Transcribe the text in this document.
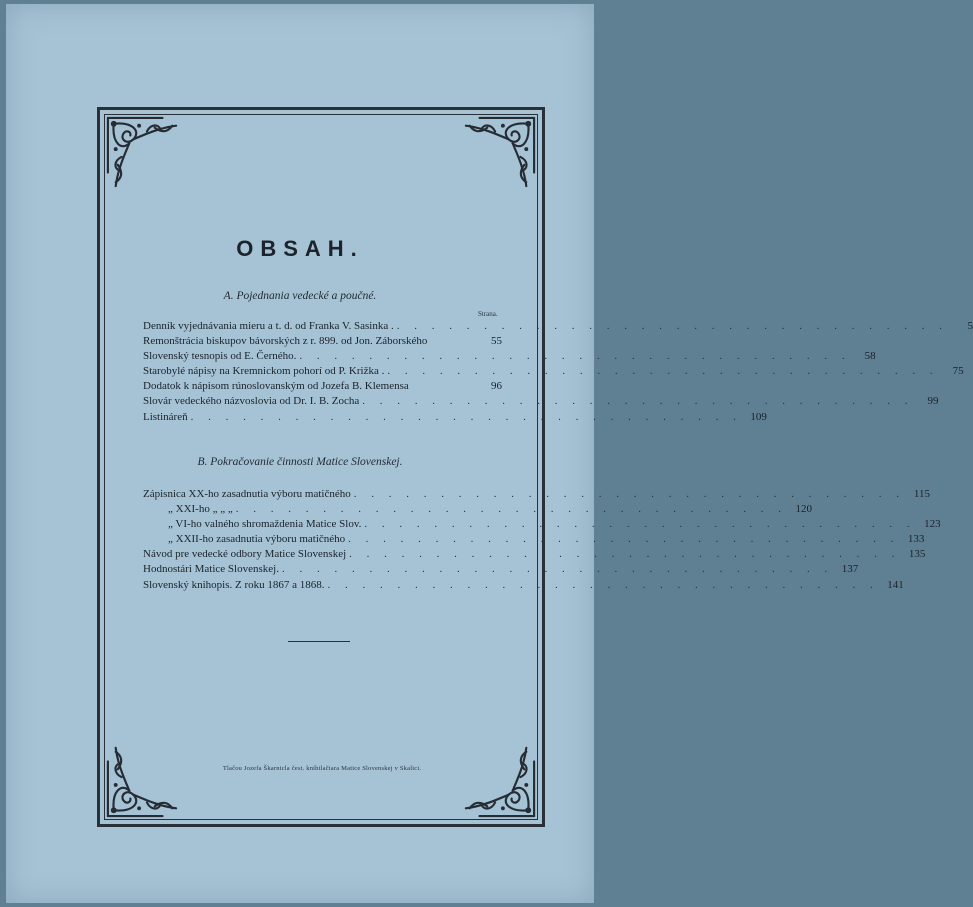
OBSAH.
A. Pojednania vedecké a poučné.
Strana.
Denník vyjednávania mieru a t. d. od Franka V. Sasinka . . . .	5
Remonštrácia biskupov bávorských z r. 899. od Jon. Záborského	55
Slovenský tesnopis od E. Černého. . . .	58
Starobylé nápisy na Kremnickom pohorí od P. Križka . . . .	75
Dodatok k nápisom rúnoslovanským od Jozefa B. Klemensa	96
Slovár vedeckého názvoslovia od Dr. I. B. Zocha . . .	99
Listináreň . . .	109
B. Pokračovanie činnosti Matice Slovenskej.
Zápisnica XX-ho zasadnutia výboru matičného . . .	115
„ XXI-ho „ „ „ . . .	120
„ VI-ho valného shromaždenia Matice Slov. . . .	123
„ XXII-ho zasadnutia výboru matičného . . .	133
Návod pre vedecké odbory Matice Slovenskej . . .	135
Hodnostári Matice Slovenskej. . . .	137
Slovenský knihopis. Z roku 1867 a 1868. . . .	141
Tlačou Jozefa Škarnicla čest. kníhtlačiara Matice Slovenskej v Skalici.
